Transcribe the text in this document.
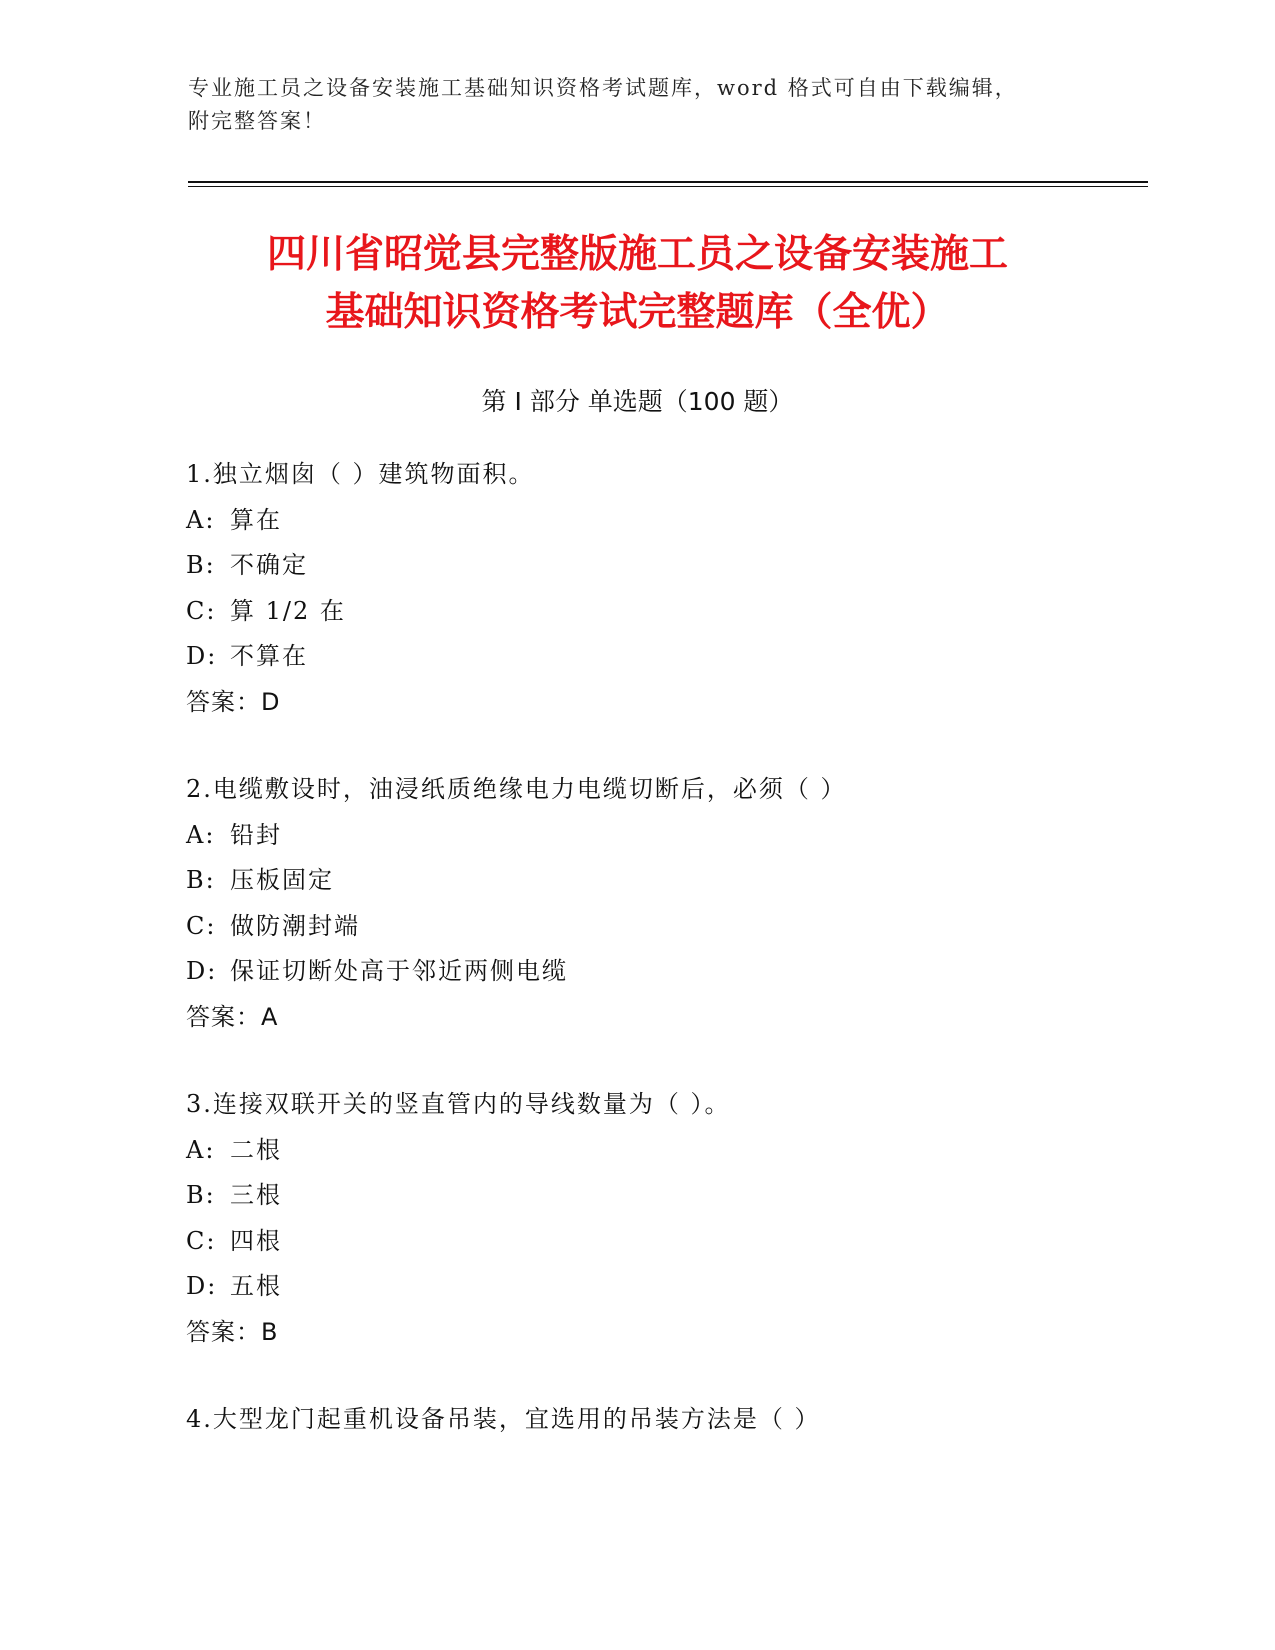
专业施工员之设备安装施工基础知识资格考试题库，word 格式可自由下载编辑，
附完整答案！
四川省昭觉县完整版施工员之设备安装施工
基础知识资格考试完整题库（全优）
第 I 部分 单选题（100 题）
1.独立烟囱（ ）建筑物面积。
A: 算在
B: 不确定
C: 算 1/2 在
D: 不算在
答案：D
2.电缆敷设时，油浸纸质绝缘电力电缆切断后，必须（ ）
A: 铅封
B: 压板固定
C: 做防潮封端
D: 保证切断处高于邻近两侧电缆
答案：A
3.连接双联开关的竖直管内的导线数量为（ ）。
A: 二根
B: 三根
C: 四根
D: 五根
答案：B
4.大型龙门起重机设备吊装，宜选用的吊装方法是（ ）
